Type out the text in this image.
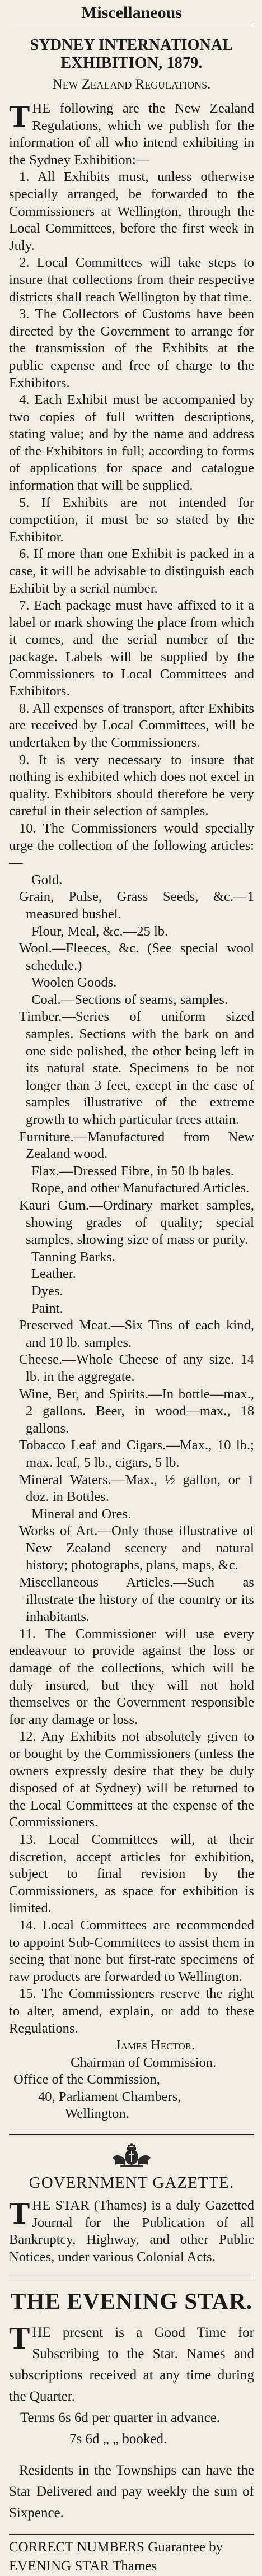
Miscellaneous
SYDNEY INTERNATIONAL EXHIBITION, 1879.
New Zealand Regulations.

T HE following are the New Zealand Regulations, which we publish for the information of all who intend exhibiting in the Sydney Exhibition:—

1. All Exhibits must, unless otherwise specially arranged, be forwarded to the Commissioners at Wellington, through the Local Committees, before the first week in July.

2. Local Committees will take steps to insure that collections from their respective districts shall reach Wellington by that time.

3. The Collectors of Customs have been directed by the Government to arrange for the transmission of the Exhibits at the public expense and free of charge to the Exhibitors.

4. Each Exhibit must be accompanied by two copies of full written descriptions, stating value; and by the name and address of the Exhibitors in full; according to forms of applications for space and catalogue information that will be supplied.

5. If Exhibits are not intended for competition, it must be so stated by the Exhibitor.

6. If more than one Exhibit is packed in a case, it will be advisable to distinguish each Exhibit by a serial number.

7. Each package must have affixed to it a label or mark showing the place from which it comes, and the serial number of the package. Labels will be supplied by the Commissioners to Local Committees and Exhibitors.

8. All expenses of transport, after Exhibits are received by Local Committees, will be undertaken by the Commissioners.

9. It is very necessary to insure that nothing is exhibited which does not excel in quality. Exhibitors should therefore be very careful in their selection of samples.

10. The Commissioners would specially urge the collection of the following articles:—

Gold.
Grain, Pulse, Grass Seeds, &c.—1 measured bushel.
Flour, Meal, &c.—25 lb.
Wool.—Fleeces, &c. (See special wool schedule.)
Woolen Goods.
Coal.—Sections of seams, samples.
Timber.—Series of uniform sized samples. Sections with the bark on and one side polished, the other being left in its natural state. Specimens to be not longer than 3 feet, except in the case of samples illustrative of the extreme growth to which particular trees attain.
Furniture.—Manufactured from New Zealand wood.
Flax.—Dressed Fibre, in 50 lb bales.
Rope, and other Manufactured Articles.
Kauri Gum.—Ordinary market samples, showing grades of quality; special samples, showing size of mass or purity.
Tanning Barks.
Leather.
Dyes.
Paint.
Preserved Meat.—Six Tins of each kind, and 10 lb. samples.
Cheese.—Whole Cheese of any size. 14 lb. in the aggregate.
Wine, Ber, and Spirits.—In bottle—max., 2 gallons. Beer, in wood—max., 18 gallons.
Tobacco Leaf and Cigars.—Max., 10 lb.; max. leaf, 5 lb., cigars, 5 lb.
Mineral Waters.—Max., ½ gallon, or 1 doz. in Bottles.
Mineral and Ores.
Works of Art.—Only those illustrative of New Zealand scenery and natural history; photographs, plans, maps, &c.
Miscellaneous Articles.—Such as illustrate the history of the country or its inhabitants.

11. The Commissioner will use every endeavour to provide against the loss or damage of the collections, which will be duly insured, but they will not hold themselves or the Government responsible for any damage or loss.

12. Any Exhibits not absolutely given to or bought by the Commissioners (unless the owners expressly desire that they be duly disposed of at Sydney) will be returned to the Local Committees at the expense of the Commissioners.

13. Local Committees will, at their discretion, accept articles for exhibition, subject to final revision by the Commissioners, as space for exhibition is limited.

14. Local Committees are recommended to appoint Sub-Committees to assist them in seeing that none but first-rate specimens of raw products are forwarded to Wellington.

15. The Commissioners reserve the right to alter, amend, explain, or add to these Regulations.

James Hector.
Chairman of Commission.
Office of the Commission,
40, Parliament Chambers,
Wellington.
GOVERNMENT GAZETTE.

T HE STAR (Thames) is a duly Gazetted Journal for the Publication of all Bankruptcy, Highway, and other Public Notices, under various Colonial Acts.

THE EVENING STAR.

T HE present is a Good Time for Subscribing to the Star. Names and subscriptions received at any time during the Quarter.

Terms 6s 6d per quarter in advance.
7s 6d „ „ booked.

Residents in the Townships can have the Star Delivered and pay weekly the sum of Sixpence.

CORRECT NUMBERS Guarantee by EVENING STAR Thames
